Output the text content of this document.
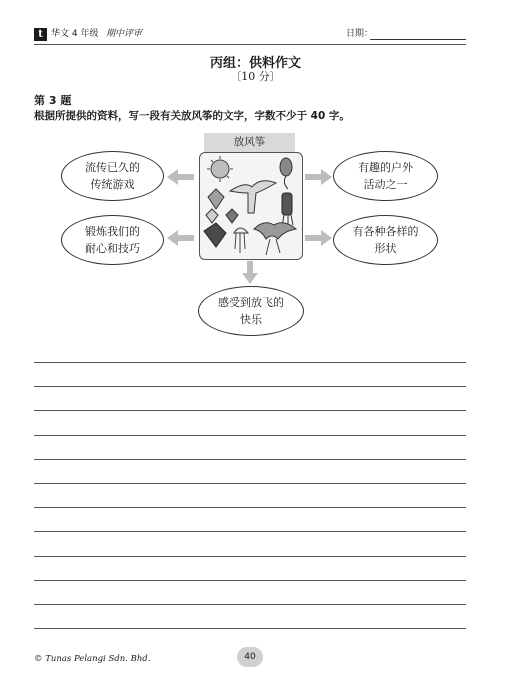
t 华文 4 年级 期中评审	日期：
丙组：供料作文
〔10 分〕
第 3 题
根据所提供的资料，写一段有关放风筝的文字，字数不少于 40 字。
放风筝
流传已久的
传统游戏
有趣的户外
活动之一
锻炼我们的
耐心和技巧
有各种各样的
形状
感受到放飞的
快乐
© Tunas Pelangi Sdn. Bhd.	40
